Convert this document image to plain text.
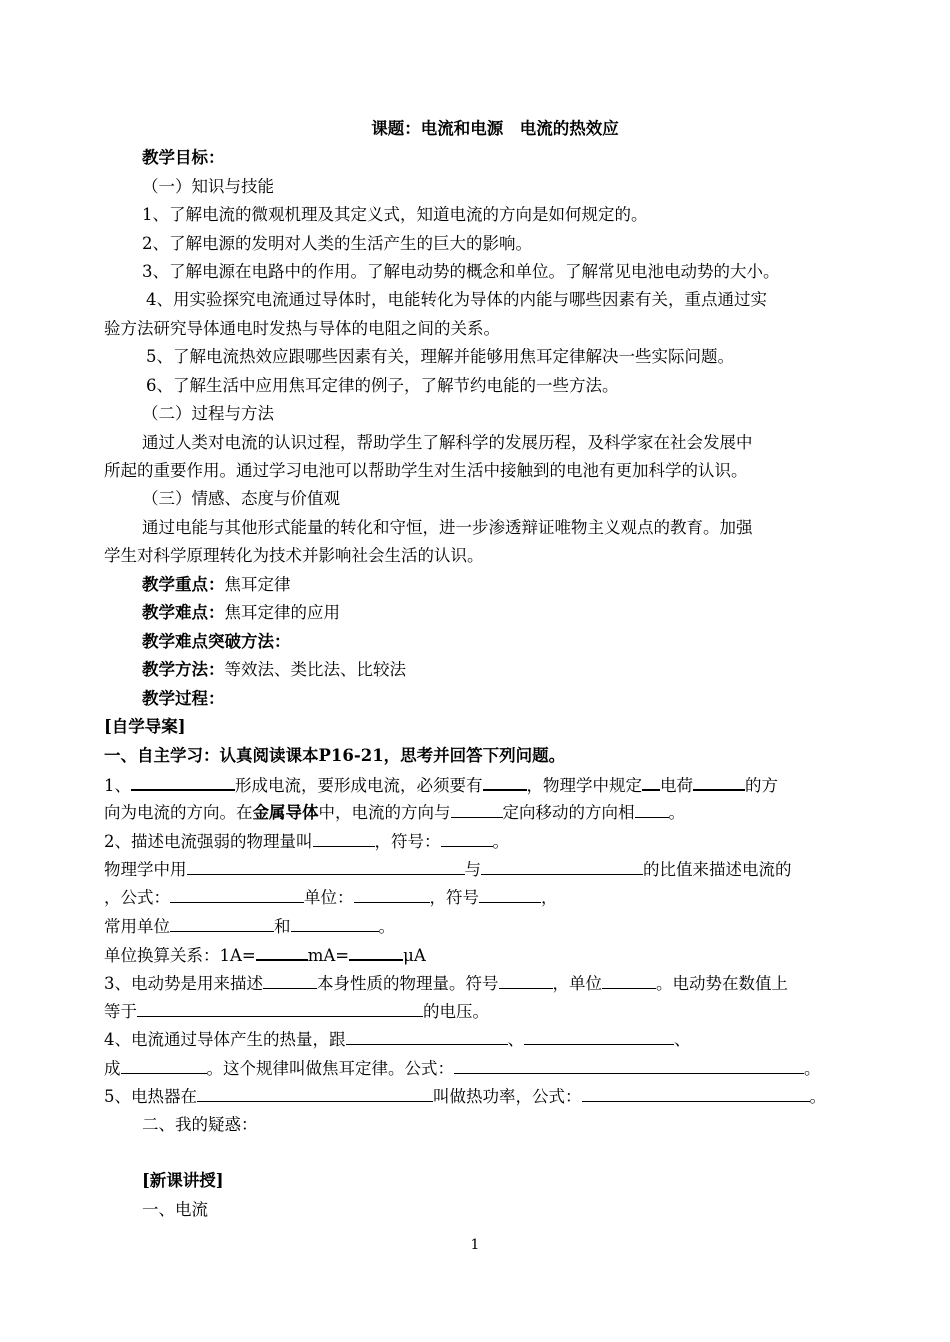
课题：电流和电源　电流的热效应
教学目标：
（一）知识与技能
1、了解电流的微观机理及其定义式，知道电流的方向是如何规定的。
2、了解电源的发明对人类的生活产生的巨大的影响。
3、了解电源在电路中的作用。了解电动势的概念和单位。了解常见电池电动势的大小。
4、用实验探究电流通过导体时，电能转化为导体的内能与哪些因素有关，重点通过实
验方法研究导体通电时发热与导体的电阻之间的关系。
5、了解电流热效应跟哪些因素有关，理解并能够用焦耳定律解决一些实际问题。
6、了解生活中应用焦耳定律的例子，了解节约电能的一些方法。
（二）过程与方法
通过人类对电流的认识过程，帮助学生了解科学的发展历程，及科学家在社会发展中
所起的重要作用。通过学习电池可以帮助学生对生活中接触到的电池有更加科学的认识。
（三）情感、态度与价值观
通过电能与其他形式能量的转化和守恒，进一步渗透辩证唯物主义观点的教育。加强
学生对科学原理转化为技术并影响社会生活的认识。
教学重点：焦耳定律
教学难点：焦耳定律的应用
教学难点突破方法：
教学方法：等效法、类比法、比较法
教学过程：
[自学导案]
一、自主学习：认真阅读课本P16-21，思考并回答下列问题。
1、	形成电流，要形成电流，必须要有	，物理学中规定 电荷	的方
向为电流的方向。在金属导体中，电流的方向与	定向移动的方向相 。
2、描述电流强弱的物理量叫	，符号：	。
物理学中用	与	的比值来描述电流的
，公式：	单位：	，符号	，
常用单位	和	。
单位换算关系：1A=	mA=	μA
3、电动势是用来描述	本身性质的物理量。符号	，单位	。电动势在数值上
等于	的电压。
4、电流通过导体产生的热量，跟	、	、
成	。这个规律叫做焦耳定律。公式：	。
5、电热器在	叫做热功率，公式：	。
二、我的疑惑：
[新课讲授]
一、电流
1
